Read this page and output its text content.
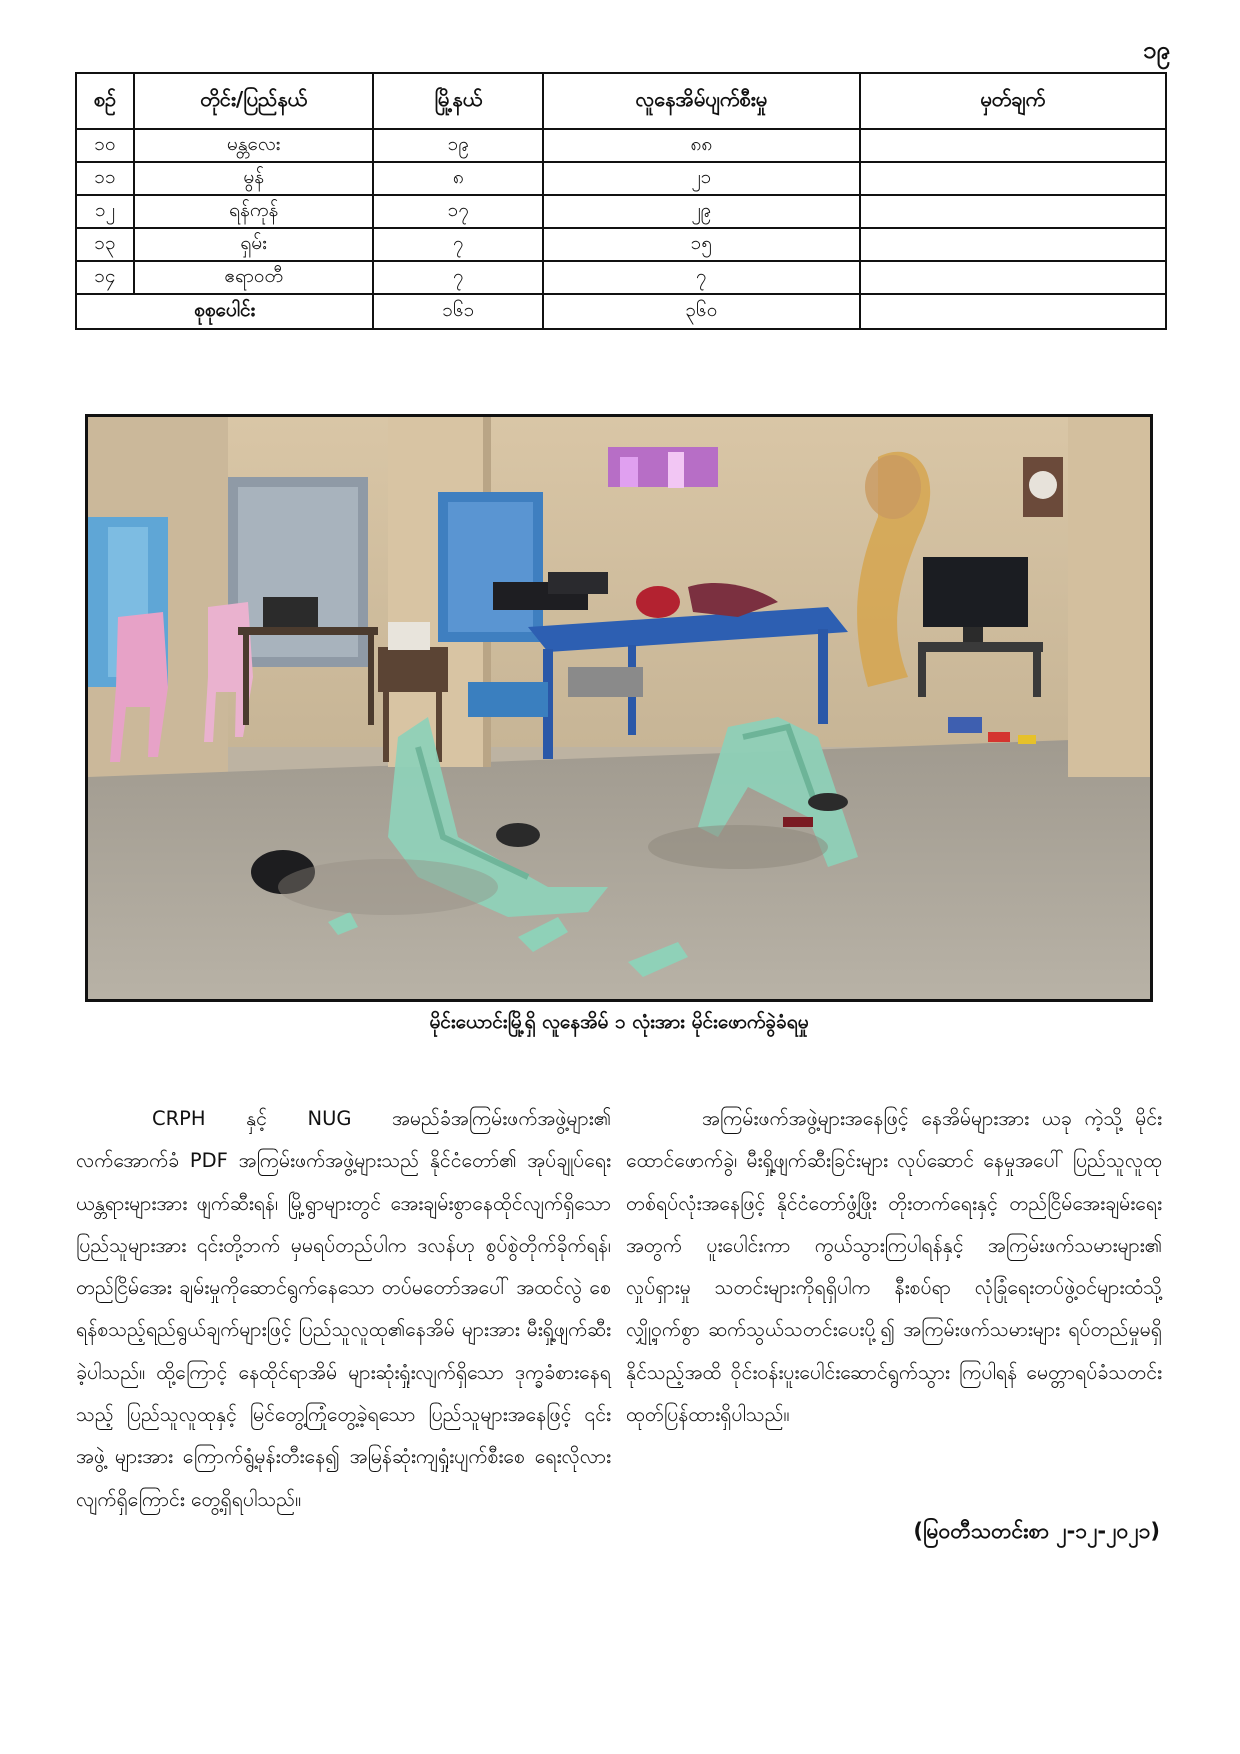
၁၉
စဉ်	တိုင်း/ပြည်နယ်	မြို့နယ်	လူနေအိမ်ပျက်စီးမှု	မှတ်ချက်
၁၀	မန္တလေး	၁၉	၈၈	
၁၁	မွန်	၈	၂၁	
၁၂	ရန်ကုန်	၁၇	၂၉	
၁၃	ရှမ်း	၇	၁၅	
၁၄	ဧရာဝတီ	၇	၇	
စုစုပေါင်း		၁၆၁	၃၆၀	
မိုင်းယောင်းမြို့ရှိ လူနေအိမ် ၁ လုံးအား မိုင်းဖောက်ခွဲခံရမှု

CRPH နှင့် NUG အမည်ခံအကြမ်းဖက်အဖွဲ့များ၏ လက်အောက်ခံ PDF အကြမ်းဖက်အဖွဲ့များသည် နိုင်ငံတော်၏ အုပ်ချုပ်ရေးယန္တရားများအား ဖျက်ဆီးရန်၊ မြို့ရွာများတွင် အေးချမ်းစွာနေထိုင်လျက်ရှိသော ပြည်သူများအား ၎င်းတို့ဘက် မှမရပ်တည်ပါက ဒလန်ဟု စွပ်စွဲတိုက်ခိုက်ရန်၊ တည်ငြိမ်အေး ချမ်းမှုကိုဆောင်ရွက်နေသော တပ်မတော်အပေါ် အထင်လွဲ စေရန်စသည့်ရည်ရွယ်ချက်များဖြင့် ပြည်သူလူထု၏နေအိမ် များအား မီးရှို့ဖျက်ဆီးခဲ့ပါသည်။ ထို့ကြောင့် နေထိုင်ရာအိမ် များဆုံးရှုံးလျက်ရှိသော ဒုက္ခခံစားနေရသည့် ပြည်သူလူထုနှင့် မြင်တွေ့ကြုံတွေ့ခဲ့ရသော ပြည်သူများအနေဖြင့် ၎င်းအဖွဲ့ များအား ကြောက်ရွံ့မုန်းတီးနေ၍ အမြန်ဆုံးကျရှုံးပျက်စီးစေ ရေးလိုလားလျက်ရှိကြောင်း တွေ့ရှိရပါသည်။

အကြမ်းဖက်အဖွဲ့များအနေဖြင့် နေအိမ်များအား ယခု ကဲ့သို့ မိုင်းထောင်ဖောက်ခွဲ၊ မီးရှို့ဖျက်ဆီးခြင်းများ လုပ်ဆောင် နေမှုအပေါ် ပြည်သူလူထုတစ်ရပ်လုံးအနေဖြင့် နိုင်ငံတော်ဖွံ့ဖြိုး တိုးတက်ရေးနှင့် တည်ငြိမ်အေးချမ်းရေးအတွက် ပူးပေါင်းကာ ကွယ်သွားကြပါရန်နှင့် အကြမ်းဖက်သမားများ၏ လှုပ်ရှားမှု သတင်းများကိုရရှိပါက နီးစပ်ရာ လုံခြုံရေးတပ်ဖွဲ့ဝင်များထံသို့ လျှို့ဝှက်စွာ ဆက်သွယ်သတင်းပေးပို့၍ အကြမ်းဖက်သမားများ ရပ်တည်မှုမရှိနိုင်သည့်အထိ ဝိုင်းဝန်းပူးပေါင်းဆောင်ရွက်သွား ကြပါရန် မေတ္တာရပ်ခံသတင်းထုတ်ပြန်ထားရှိပါသည်။

(မြဝတီသတင်းစာ ၂-၁၂-၂၀၂၁)
